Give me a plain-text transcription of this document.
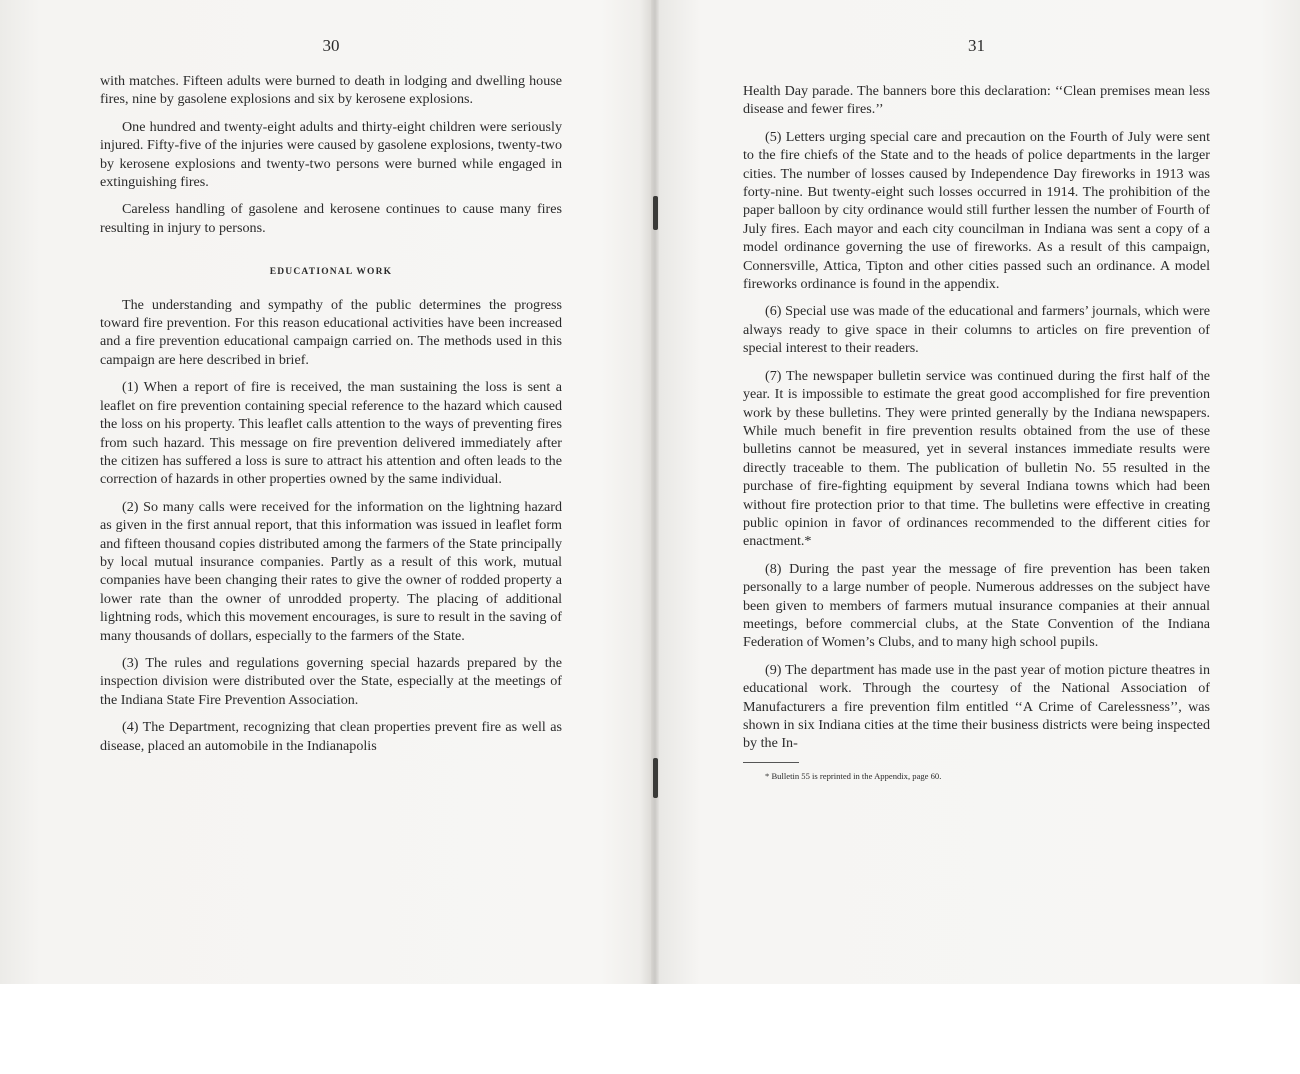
30

with matches. Fifteen adults were burned to death in lodging and dwelling house fires, nine by gasolene explosions and six by kerosene explosions.

One hundred and twenty-eight adults and thirty-eight children were seriously injured. Fifty-five of the injuries were caused by gasolene explosions, twenty-two by kerosene explosions and twenty-two persons were burned while engaged in extinguishing fires.

Careless handling of gasolene and kerosene continues to cause many fires resulting in injury to persons.

EDUCATIONAL WORK

The understanding and sympathy of the public determines the progress toward fire prevention. For this reason educational activities have been increased and a fire prevention educational campaign carried on. The methods used in this campaign are here described in brief.

(1) When a report of fire is received, the man sustaining the loss is sent a leaflet on fire prevention containing special reference to the hazard which caused the loss on his property. This leaflet calls attention to the ways of preventing fires from such hazard. This message on fire prevention delivered immediately after the citizen has suffered a loss is sure to attract his attention and often leads to the correction of hazards in other properties owned by the same individual.

(2) So many calls were received for the information on the lightning hazard as given in the first annual report, that this information was issued in leaflet form and fifteen thousand copies distributed among the farmers of the State principally by local mutual insurance companies. Partly as a result of this work, mutual companies have been changing their rates to give the owner of rodded property a lower rate than the owner of unrodded property. The placing of additional lightning rods, which this movement encourages, is sure to result in the saving of many thousands of dollars, especially to the farmers of the State.

(3) The rules and regulations governing special hazards prepared by the inspection division were distributed over the State, especially at the meetings of the Indiana State Fire Prevention Association.

(4) The Department, recognizing that clean properties prevent fire as well as disease, placed an automobile in the Indianapolis

31

Health Day parade. The banners bore this declaration: ‘‘Clean premises mean less disease and fewer fires.’’

(5) Letters urging special care and precaution on the Fourth of July were sent to the fire chiefs of the State and to the heads of police departments in the larger cities. The number of losses caused by Independence Day fireworks in 1913 was forty-nine. But twenty-eight such losses occurred in 1914. The prohibition of the paper balloon by city ordinance would still further lessen the number of Fourth of July fires. Each mayor and each city councilman in Indiana was sent a copy of a model ordinance governing the use of fireworks. As a result of this campaign, Connersville, Attica, Tipton and other cities passed such an ordinance. A model fireworks ordinance is found in the appendix.

(6) Special use was made of the educational and farmers’ journals, which were always ready to give space in their columns to articles on fire prevention of special interest to their readers.

(7) The newspaper bulletin service was continued during the first half of the year. It is impossible to estimate the great good accomplished for fire prevention work by these bulletins. They were printed generally by the Indiana newspapers. While much benefit in fire prevention results obtained from the use of these bulletins cannot be measured, yet in several instances immediate results were directly traceable to them. The publication of bulletin No. 55 resulted in the purchase of fire-fighting equipment by several Indiana towns which had been without fire protection prior to that time. The bulletins were effective in creating public opinion in favor of ordinances recommended to the different cities for enactment.*

(8) During the past year the message of fire prevention has been taken personally to a large number of people. Numerous addresses on the subject have been given to members of farmers mutual insurance companies at their annual meetings, before commercial clubs, at the State Convention of the Indiana Federation of Women’s Clubs, and to many high school pupils.

(9) The department has made use in the past year of motion picture theatres in educational work. Through the courtesy of the National Association of Manufacturers a fire prevention film entitled ‘‘A Crime of Carelessness’’, was shown in six Indiana cities at the time their business districts were being inspected by the In-

* Bulletin 55 is reprinted in the Appendix, page 60.
